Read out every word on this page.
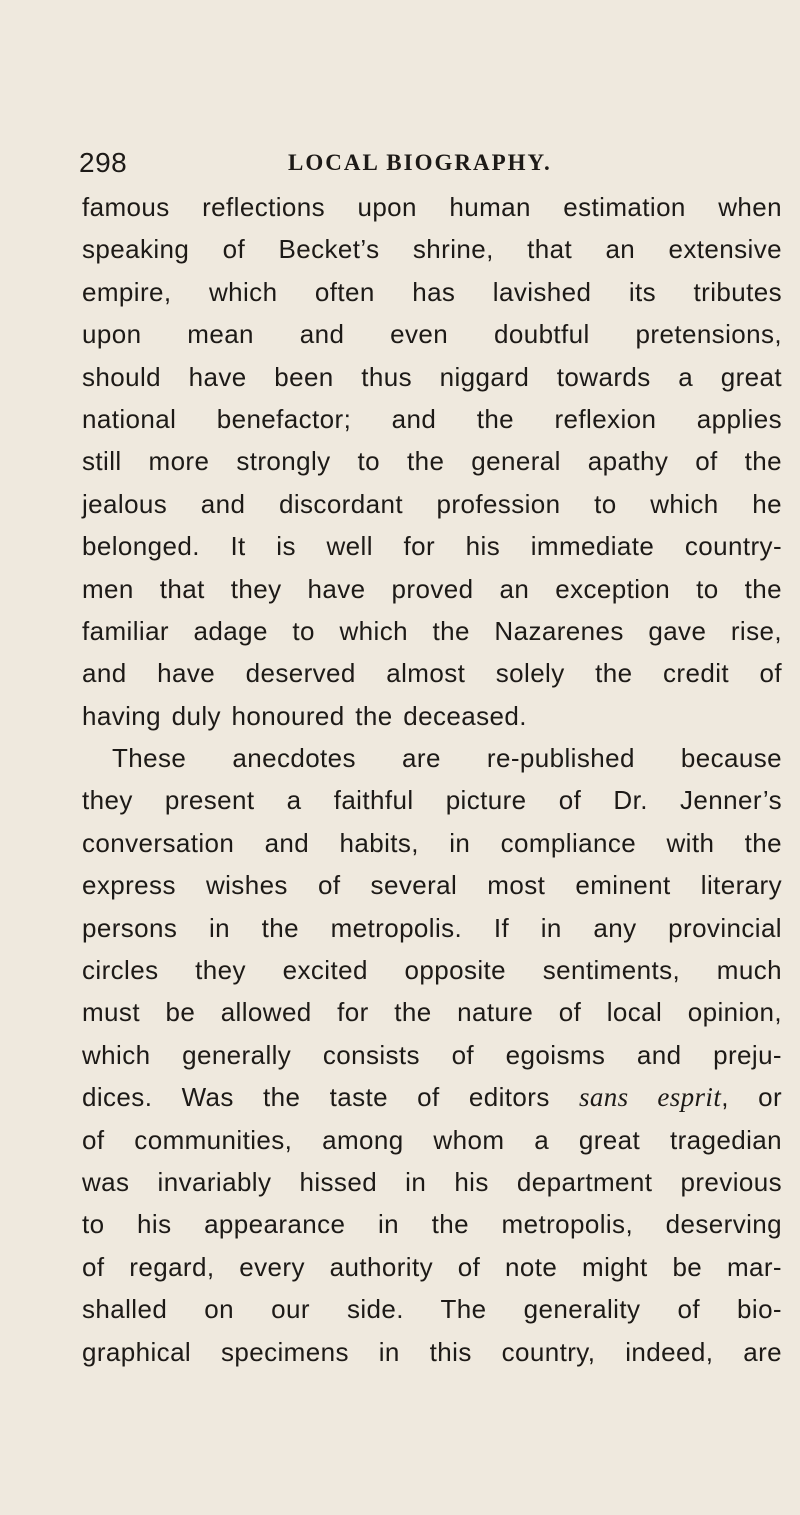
298	LOCAL BIOGRAPHY.
famous reflections upon human estimation when
speaking of Becket’s shrine, that an extensive
empire, which often has lavished its tributes
upon mean and even doubtful pretensions,
should have been thus niggard towards a great
national benefactor; and the reflexion applies
still more strongly to the general apathy of the
jealous and discordant profession to which he
belonged. It is well for his immediate country-
men that they have proved an exception to the
familiar adage to which the Nazarenes gave rise,
and have deserved almost solely the credit of
having duly honoured the deceased.
These anecdotes are re-published because
they present a faithful picture of Dr. Jenner’s
conversation and habits, in compliance with the
express wishes of several most eminent literary
persons in the metropolis. If in any provincial
circles they excited opposite sentiments, much
must be allowed for the nature of local opinion,
which generally consists of egoisms and preju-
dices. Was the taste of editors sans esprit, or
of communities, among whom a great tragedian
was invariably hissed in his department previous
to his appearance in the metropolis, deserving
of regard, every authority of note might be mar-
shalled on our side. The generality of bio-
graphical specimens in this country, indeed, are
